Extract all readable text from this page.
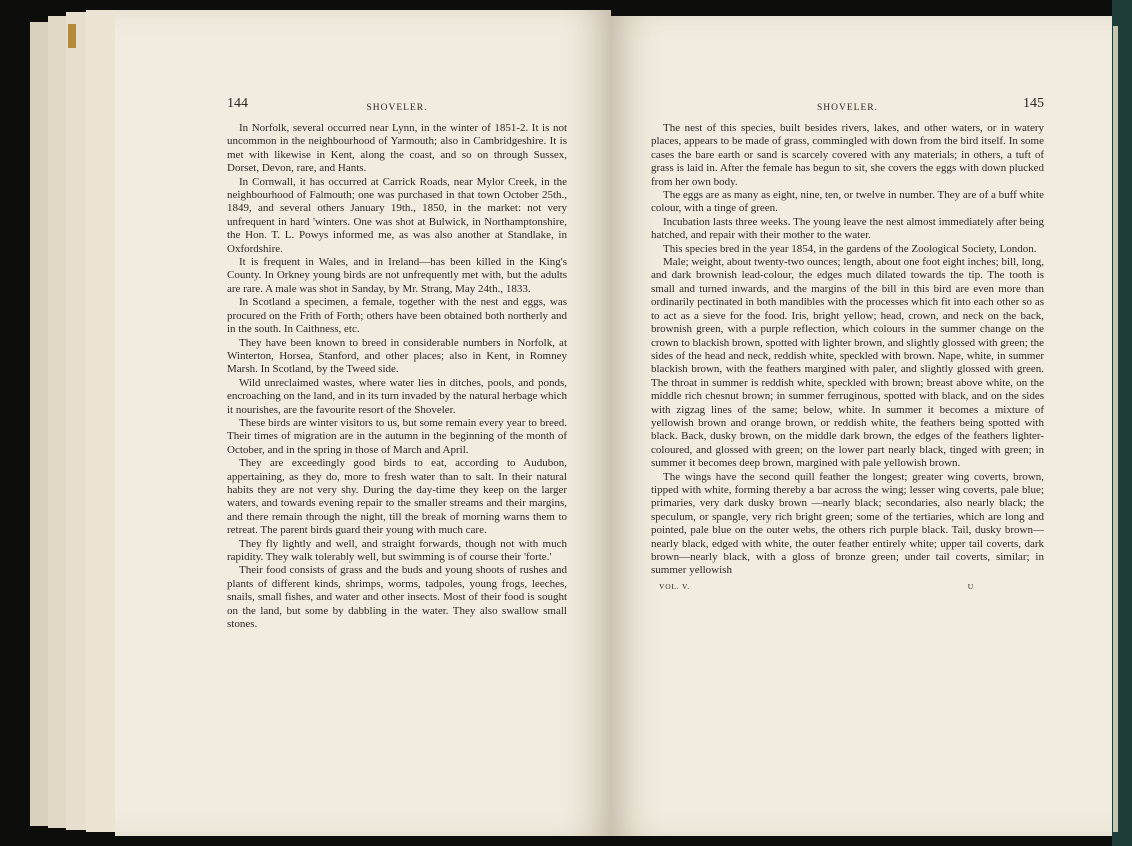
144	SHOVELER.

In Norfolk, several occurred near Lynn, in the winter of 1851-2. It is not uncommon in the neighbourhood of Yarmouth; also in Cambridgeshire. It is met with likewise in Kent, along the coast, and so on through Sussex, Dorset, Devon, rare, and Hants.

In Cornwall, it has occurred at Carrick Roads, near Mylor Creek, in the neighbourhood of Falmouth; one was purchased in that town October 25th., 1849, and several others January 19th., 1850, in the market: not very unfrequent in hard 'winters. One was shot at Bulwick, in Northamptonshire, the Hon. T. L. Powys informed me, as was also another at Standlake, in Oxfordshire.

It is frequent in Wales, and in Ireland—has been killed in the King's County. In Orkney young birds are not unfrequently met with, but the adults are rare. A male was shot in Sanday, by Mr. Strang, May 24th., 1833.

In Scotland a specimen, a female, together with the nest and eggs, was procured on the Frith of Forth; others have been obtained both northerly and in the south. In Caithness, etc.

They have been known to breed in considerable numbers in Norfolk, at Winterton, Horsea, Stanford, and other places; also in Kent, in Romney Marsh. In Scotland, by the Tweed side.

Wild unreclaimed wastes, where water lies in ditches, pools, and ponds, encroaching on the land, and in its turn invaded by the natural herbage which it nourishes, are the favourite resort of the Shoveler.

These birds are winter visitors to us, but some remain every year to breed. Their times of migration are in the autumn in the beginning of the month of October, and in the spring in those of March and April.

They are exceedingly good birds to eat, according to Audubon, appertaining, as they do, more to fresh water than to salt. In their natural habits they are not very shy. During the day-time they keep on the larger waters, and towards evening repair to the smaller streams and their margins, and there remain through the night, till the break of morning warns them to retreat. The parent birds guard their young with much care.

They fly lightly and well, and straight forwards, though not with much rapidity. They walk tolerably well, but swimming is of course their 'forte.'

Their food consists of grass and the buds and young shoots of rushes and plants of different kinds, shrimps, worms, tadpoles, young frogs, leeches, snails, small fishes, and water and other insects. Most of their food is sought on the land, but some by dabbling in the water. They also swallow small stones.

SHOVELER.	145

The nest of this species, built besides rivers, lakes, and other waters, or in watery places, appears to be made of grass, commingled with down from the bird itself. In some cases the bare earth or sand is scarcely covered with any materials; in others, a tuft of grass is laid in. After the female has begun to sit, she covers the eggs with down plucked from her own body.

The eggs are as many as eight, nine, ten, or twelve in number. They are of a buff white colour, with a tinge of green.

Incubation lasts three weeks. The young leave the nest almost immediately after being hatched, and repair with their mother to the water.

This species bred in the year 1854, in the gardens of the Zoological Society, London.

Male; weight, about twenty-two ounces; length, about one foot eight inches; bill, long, and dark brownish lead-colour, the edges much dilated towards the tip. The tooth is small and turned inwards, and the margins of the bill in this bird are even more than ordinarily pectinated in both mandibles with the processes which fit into each other so as to act as a sieve for the food. Iris, bright yellow; head, crown, and neck on the back, brownish green, with a purple reflection, which colours in the summer change on the crown to blackish brown, spotted with lighter brown, and slightly glossed with green; the sides of the head and neck, reddish white, speckled with brown. Nape, white, in summer blackish brown, with the feathers margined with paler, and slightly glossed with green. The throat in summer is reddish white, speckled with brown; breast above white, on the middle rich chesnut brown; in summer ferruginous, spotted with black, and on the sides with zigzag lines of the same; below, white. In summer it becomes a mixture of yellowish brown and orange brown, or reddish white, the feathers being spotted with black. Back, dusky brown, on the middle dark brown, the edges of the feathers lighter-coloured, and glossed with green; on the lower part nearly black, tinged with green; in summer it becomes deep brown, margined with pale yellowish brown.

The wings have the second quill feather the longest; greater wing coverts, brown, tipped with white, forming thereby a bar across the wing; lesser wing coverts, pale blue; primaries, very dark dusky brown —nearly black; secondaries, also nearly black; the speculum, or spangle, very rich bright green; some of the tertiaries, which are long and pointed, pale blue on the outer webs, the others rich purple black. Tail, dusky brown—nearly black, edged with white, the outer feather entirely white; upper tail coverts, dark brown—nearly black, with a gloss of bronze green; under tail coverts, similar; in summer yellowish

VOL. V.	U
